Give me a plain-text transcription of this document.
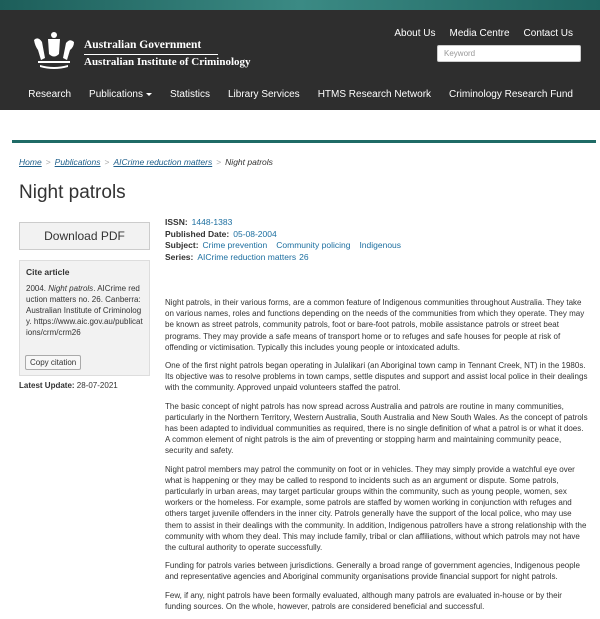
Australian Government
Australian Institute of Criminology
About Us Media Centre Contact Us
Keyword
Research	Publications	Statistics	Library Services	HTMS Research Network	Criminology Research Fund
Home > Publications > AICrime reduction matters > Night patrols
Night patrols
Download PDF
Cite article
2004. Night patrols. AICrime reduction matters no. 26. Canberra: Australian Institute of Criminology. https://www.aic.gov.au/publications/crm/crm26
Copy citation
Latest Update: 28-07-2021
ISSN: 1448-1383
Published Date: 05-08-2004
Subject: Crime prevention Community policing Indigenous
Series: AICrime reduction matters 26

Night patrols, in their various forms, are a common feature of Indigenous communities throughout Australia. They take on various names, roles and functions depending on the needs of the communities from which they operate. They may be known as street patrols, community patrols, foot or bare-foot patrols, mobile assistance patrols or street beat programs. They may provide a safe means of transport home or to refuges and safe houses for people at risk of offending or victimisation. Typically this includes young people or intoxicated adults.

One of the first night patrols began operating in Julalikari (an Aboriginal town camp in Tennant Creek, NT) in the 1980s. Its objective was to resolve problems in town camps, settle disputes and support and assist local police in their dealings with the community. Approved unpaid volunteers staffed the patrol.

The basic concept of night patrols has now spread across Australia and patrols are routine in many communities, particularly in the Northern Territory, Western Australia, South Australia and New South Wales. As the concept of patrols has been adapted to individual communities as required, there is no single definition of what a patrol is or what it does. A common element of night patrols is the aim of preventing or stopping harm and maintaining community peace, security and safety.

Night patrol members may patrol the community on foot or in vehicles. They may simply provide a watchful eye over what is happening or they may be called to respond to incidents such as an argument or dispute. Some patrols, particularly in urban areas, may target particular groups within the community, such as young people, women, sex workers or the homeless. For example, some patrols are staffed by women working in conjunction with refuges and others target juvenile offenders in the inner city. Patrols generally have the support of the local police, who may use them to assist in their dealings with the community. In addition, Indigenous patrollers have a strong relationship with the community with whom they deal. This may include family, tribal or clan affiliations, without which patrols may not have the cultural authority to operate successfully.

Funding for patrols varies between jurisdictions. Generally a broad range of government agencies, Indigenous people and representative agencies and Aboriginal community organisations provide financial support for night patrols.

Few, if any, night patrols have been formally evaluated, although many patrols are evaluated in-house or by their funding sources. On the whole, however, patrols are considered beneficial and successful.
